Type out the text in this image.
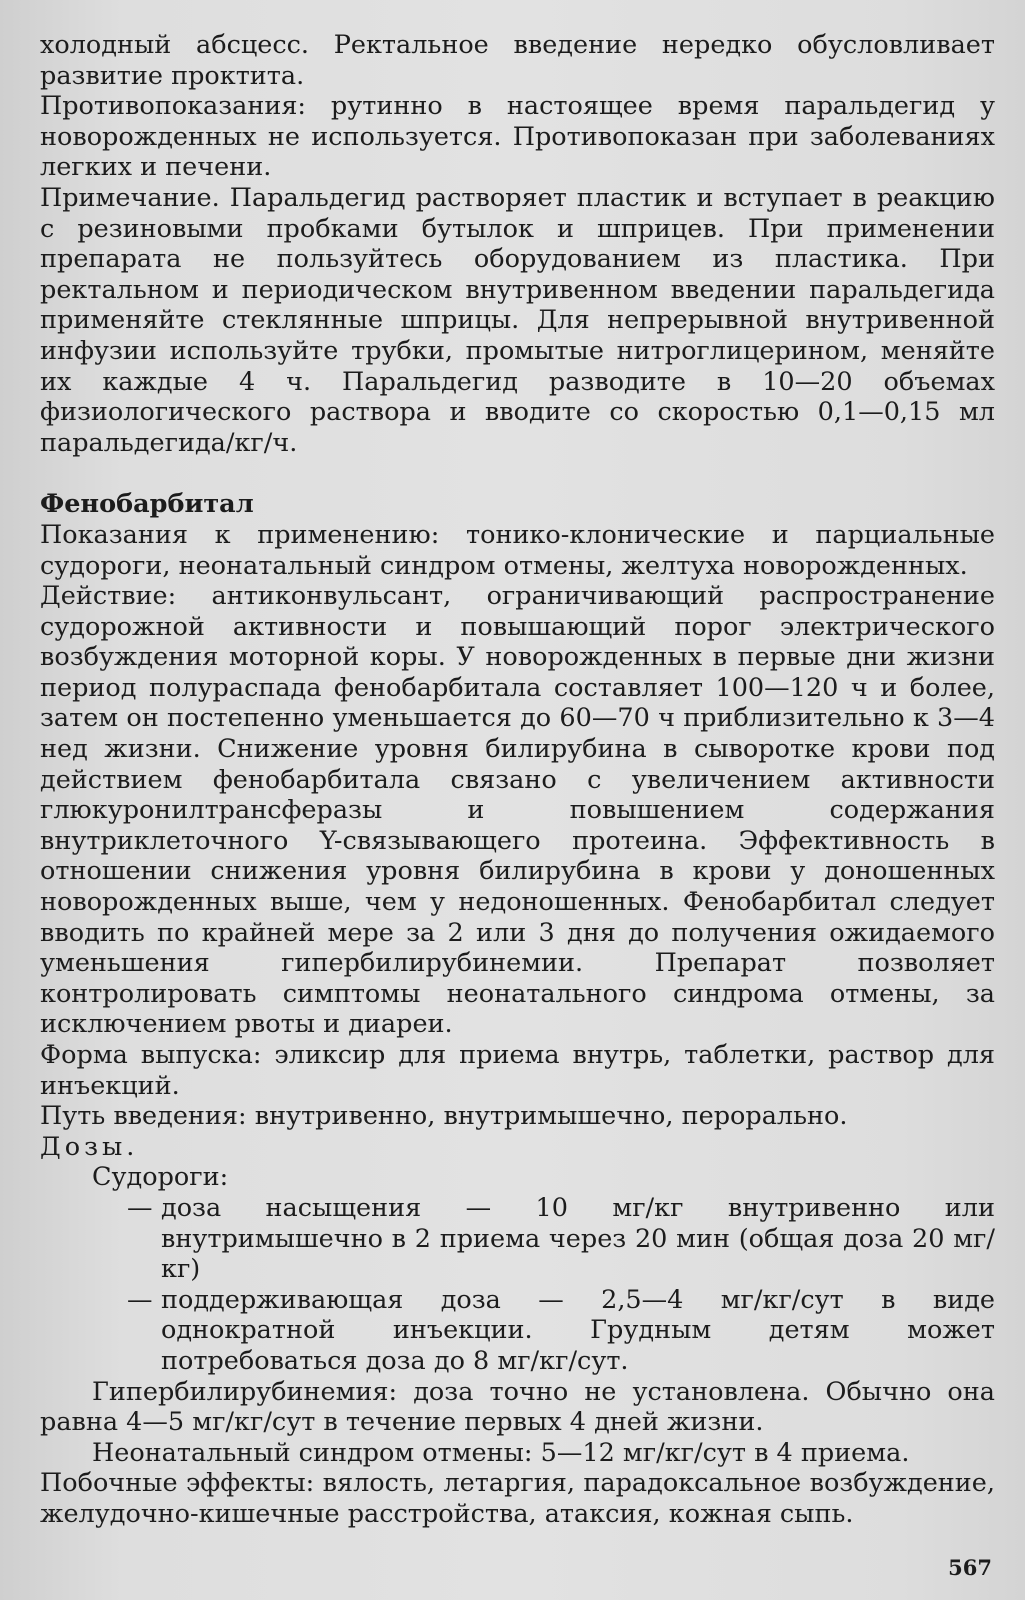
холодный абсцесс. Ректальное введение нередко обусловливает развитие проктита.

Противопоказания: рутинно в настоящее время паральдегид у новорожденных не используется. Противопоказан при заболеваниях легких и печени.

Примечание. Паральдегид растворяет пластик и вступает в реакцию с резиновыми пробками бутылок и шприцев. При применении препарата не пользуйтесь оборудованием из пластика. При ректальном и периодическом внутривенном введении паральдегида применяйте стеклянные шприцы. Для непрерывной внутривенной инфузии используйте трубки, промытые нитроглицерином, меняйте их каждые 4 ч. Паральдегид разводите в 10—20 объемах физиологического раствора и вводите со скоростью 0,1—0,15 мл паральдегида/кг/ч.

Фенобарбитал

Показания к применению: тонико-клонические и парциальные судороги, неонатальный синдром отмены, желтуха новорожденных.

Действие: антиконвульсант, ограничивающий распространение судорожной активности и повышающий порог электрического возбуждения моторной коры. У новорожденных в первые дни жизни период полураспада фенобарбитала составляет 100—120 ч и более, затем он постепенно уменьшается до 60—70 ч приблизительно к 3—4 нед жизни. Снижение уровня билирубина в сыворотке крови под действием фенобарбитала связано с увеличением активности глюкуронилтрансферазы и повышением содержания внутриклеточного Y-связывающего протеина. Эффективность в отношении снижения уровня билирубина в крови у доношенных новорожденных выше, чем у недоношенных. Фенобарбитал следует вводить по крайней мере за 2 или 3 дня до получения ожидаемого уменьшения гипербилирубинемии. Препарат позволяет контролировать симптомы неонатального синдрома отмены, за исключением рвоты и диареи.

Форма выпуска: эликсир для приема внутрь, таблетки, раствор для инъекций.

Путь введения: внутривенно, внутримышечно, перорально.

Дозы.

Судороги:

— доза насыщения — 10 мг/кг внутривенно или внутримышечно в 2 приема через 20 мин (общая доза 20 мг/кг)
— поддерживающая доза — 2,5—4 мг/кг/сут в виде однократной инъекции. Грудным детям может потребоваться доза до 8 мг/кг/сут.

Гипербилирубинемия: доза точно не установлена. Обычно она равна 4—5 мг/кг/сут в течение первых 4 дней жизни.

Неонатальный синдром отмены: 5—12 мг/кг/сут в 4 приема.

Побочные эффекты: вялость, летаргия, парадоксальное возбуждение, желудочно-кишечные расстройства, атаксия, кожная сыпь.

567
